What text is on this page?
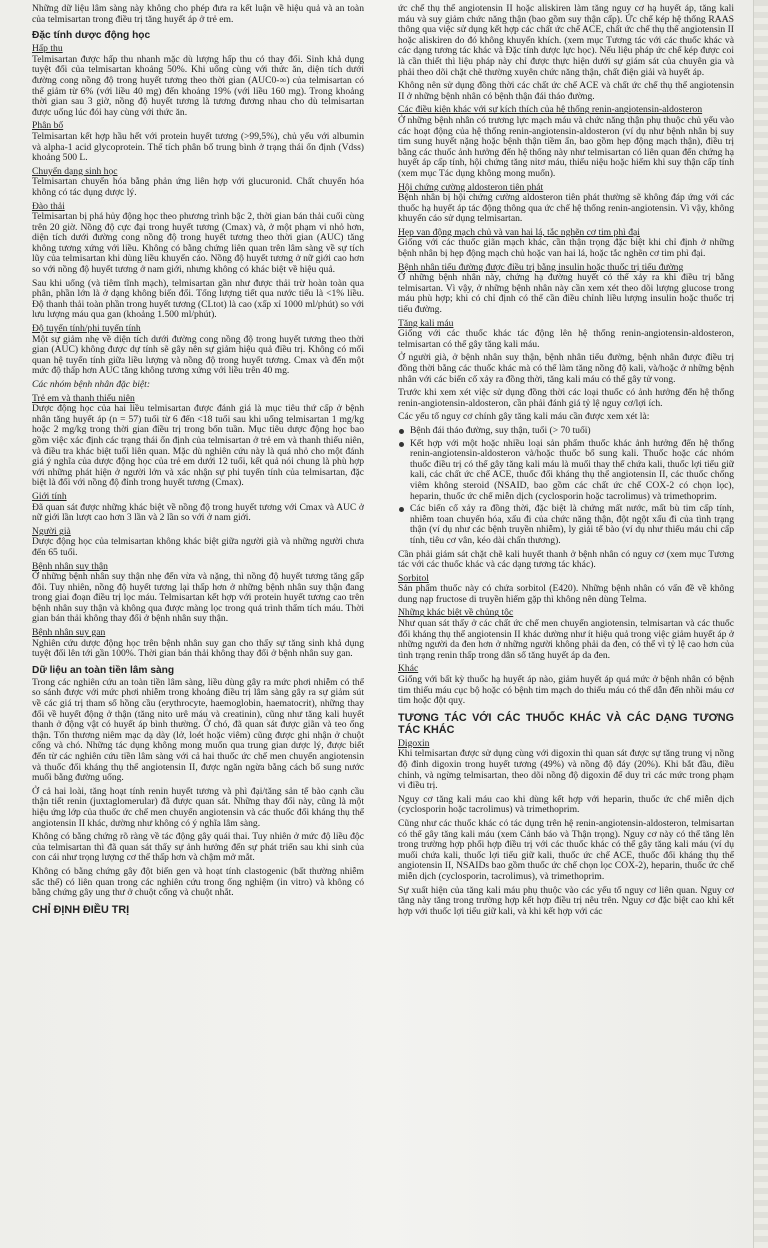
Những dữ liệu lâm sàng này không cho phép đưa ra kết luận về hiệu quả và an toàn của telmisartan trong điều trị tăng huyết áp ở trẻ em.

Đặc tính dược động học
Hấp thu

Telmisartan được hấp thu nhanh mặc dù lượng hấp thu có thay đổi. Sinh khả dụng tuyệt đối của telmisartan khoảng 50%. Khi uống cùng với thức ăn, diện tích dưới đường cong nồng độ trong huyết tương theo thời gian (AUC0-∞) của telmisartan có thể giảm từ 6% (với liều 40 mg) đến khoảng 19% (với liều 160 mg). Trong khoảng thời gian sau 3 giờ, nồng độ huyết tương là tương đương nhau cho dù telmisartan được uống lúc đói hay cùng với thức ăn.

Phân bố

Telmisartan kết hợp hầu hết với protein huyết tương (>99,5%), chủ yếu với albumin và alpha-1 acid glycoprotein. Thể tích phân bố trung bình ở trạng thái ổn định (Vdss) khoảng 500 L.

Chuyển dạng sinh học

Telmisartan chuyển hóa bằng phản ứng liên hợp với glucuronid. Chất chuyển hóa không có tác dụng dược lý.

Đào thải

Telmisartan bị phá hủy động học theo phương trình bậc 2, thời gian bán thải cuối cùng trên 20 giờ. Nồng độ cực đại trong huyết tương (Cmax) và, ở một phạm vi nhỏ hơn, diện tích dưới đường cong nồng độ trong huyết tương theo thời gian (AUC) tăng không tương xứng với liều. Không có bằng chứng liên quan trên lâm sàng về sự tích lũy của telmisartan khi dùng liều khuyến cáo. Nồng độ huyết tương ở nữ giới cao hơn so với nồng độ huyết tương ở nam giới, nhưng không có khác biệt về hiệu quả.

Sau khi uống (và tiêm tĩnh mạch), telmisartan gần như được thải trừ hoàn toàn qua phân, phần lớn là ở dạng không biến đổi. Tổng lượng tiết qua nước tiểu là <1% liều. Độ thanh thải toàn phần trong huyết tương (CLtot) là cao (xấp xỉ 1000 ml/phút) so với lưu lượng máu qua gan (khoảng 1.500 ml/phút).

Độ tuyến tính/phi tuyến tính

Một sự giảm nhẹ về diện tích dưới đường cong nồng độ trong huyết tương theo thời gian (AUC) không được dự tính sẽ gây nên sự giảm hiệu quả điều trị. Không có mối quan hệ tuyến tính giữa liều lượng và nồng độ trong huyết tương. Cmax và đến một mức độ thấp hơn AUC tăng không tương xứng với liều trên 40 mg.

Các nhóm bệnh nhân đặc biệt:

Trẻ em và thanh thiếu niên

Dược động học của hai liều telmisartan được đánh giá là mục tiêu thứ cấp ở bệnh nhân tăng huyết áp (n = 57) tuổi từ 6 đến <18 tuổi sau khi uống telmisartan 1 mg/kg hoặc 2 mg/kg trong thời gian điều trị trong bốn tuần. Mục tiêu dược động học bao gồm việc xác định các trạng thái ổn định của telmisartan ở trẻ em và thanh thiếu niên, và điều tra khác biệt tuổi liên quan. Mặc dù nghiên cứu này là quá nhỏ cho một đánh giá ý nghĩa của dược động học của trẻ em dưới 12 tuổi, kết quả nói chung là phù hợp với những phát hiện ở người lớn và xác nhận sự phi tuyến tính của telmisartan, đặc biệt là đối với nồng độ đỉnh trong huyết tương (Cmax).

Giới tính

Đã quan sát được những khác biệt về nồng độ trong huyết tương với Cmax và AUC ở nữ giới lần lượt cao hơn 3 lần và 2 lần so với ở nam giới.

Người già

Dược động học của telmisartan không khác biệt giữa người già và những người chưa đến 65 tuổi.

Bệnh nhân suy thận

Ở những bệnh nhân suy thận nhẹ đến vừa và nặng, thì nồng độ huyết tương tăng gấp đôi. Tuy nhiên, nồng độ huyết tương lại thấp hơn ở những bệnh nhân suy thận đang trong giai đoạn điều trị lọc máu. Telmisartan kết hợp với protein huyết tương cao trên bệnh nhân suy thận và không qua được màng lọc trong quá trình thẩm tích máu. Thời gian bán thải không thay đổi ở bệnh nhân suy thận.

Bệnh nhân suy gan

Nghiên cứu dược động học trên bệnh nhân suy gan cho thấy sự tăng sinh khả dụng tuyệt đối lên tới gần 100%. Thời gian bán thải không thay đổi ở bệnh nhân suy gan.

Dữ liệu an toàn tiền lâm sàng

Trong các nghiên cứu an toàn tiền lâm sàng, liều dùng gây ra mức phơi nhiễm có thể so sánh được với mức phơi nhiễm trong khoảng điều trị lâm sàng gây ra sự giảm sút về các giá trị tham số hồng cầu (erythrocyte, haemoglobin, haematocrit), những thay đổi về huyết động ở thận (tăng nito urê máu và creatinin), cũng như tăng kali huyết thanh ở động vật có huyết áp bình thường. Ở chó, đã quan sát được giãn và teo ống thận. Tổn thương niêm mạc dạ dày (lở, loét hoặc viêm) cũng được ghi nhận ở chuột cống và chó. Những tác dụng không mong muốn qua trung gian dược lý, được biết đến từ các nghiên cứu tiền lâm sàng với cả hai thuốc ức chế men chuyển angiotensin và thuốc đối kháng thụ thể angiotensin II, được ngăn ngừa bằng cách bổ sung nước muối bằng đường uống.

Ở cả hai loài, tăng hoạt tính renin huyết tương và phì đại/tăng sản tế bào cạnh cầu thận tiết renin (juxtaglomerular) đã được quan sát. Những thay đổi này, cũng là một hiệu ứng lớp của thuốc ức chế men chuyển angiotensin và các thuốc đối kháng thụ thể angiotensin II khác, dường như không có ý nghĩa lâm sàng.

Không có bằng chứng rõ ràng về tác động gây quái thai. Tuy nhiên ở mức độ liều độc của telmisartan thì đã quan sát thấy sự ảnh hưởng đến sự phát triển sau khi sinh của con cái như trọng lượng cơ thể thấp hơn và chậm mở mắt.

Không có bằng chứng gây đột biến gen và hoạt tính clastogenic (bất thường nhiễm sắc thể) có liên quan trong các nghiên cứu trong ống nghiệm (in vitro) và không có bằng chứng gây ung thư ở chuột cống và chuột nhắt.

CHỈ ĐỊNH ĐIỀU TRỊ

ức chế thụ thể angiotensin II hoặc aliskiren làm tăng nguy cơ hạ huyết áp, tăng kali máu và suy giảm chức năng thận (bao gồm suy thận cấp). Ức chế kép hệ thống RAAS thông qua việc sử dụng kết hợp các chất ức chế ACE, chất ức chế thụ thể angiotensin II hoặc aliskiren do đó không khuyến khích. (xem mục Tương tác với các thuốc khác và các dạng tương tác khác và Đặc tính dược lực học). Nếu liệu pháp ức chế kép được coi là cần thiết thì liệu pháp này chỉ được thực hiện dưới sự giám sát của chuyên gia và phải theo dõi chặt chẽ thường xuyên chức năng thận, chất điện giải và huyết áp.

Không nên sử dụng đồng thời các chất ức chế ACE và chất ức chế thụ thể angiotensin II ở những bệnh nhân có bệnh thận đái tháo đường.

Các điều kiện khác với sự kích thích của hệ thống renin-angiotensin-aldosteron

Ở những bệnh nhân có trương lực mạch máu và chức năng thận phụ thuộc chủ yếu vào các hoạt động của hệ thống renin-angiotensin-aldosteron (ví dụ như bệnh nhân bị suy tim sung huyết nặng hoặc bệnh thận tiềm ẩn, bao gồm hẹp động mạch thận), điều trị bằng các thuốc ảnh hưởng đến hệ thống này như telmisartan có liên quan đến chứng hạ huyết áp cấp tính, hội chứng tăng nitơ máu, thiểu niệu hoặc hiếm khi suy thận cấp tính (xem mục Tác dụng không mong muốn).

Hội chứng cường aldosteron tiên phát

Bệnh nhân bị hội chứng cường aldosteron tiên phát thường sẽ không đáp ứng với các thuốc hạ huyết áp tác động thông qua ức chế hệ thống renin-angiotensin. Vì vậy, không khuyến cáo sử dụng telmisartan.

Hẹp van động mạch chủ và van hai lá, tắc nghẽn cơ tim phì đại

Giống với các thuốc giãn mạch khác, cần thận trọng đặc biệt khi chỉ định ở những bệnh nhân bị hẹp động mạch chủ hoặc van hai lá, hoặc tắc nghẽn cơ tim phì đại.

Bệnh nhân tiểu đường được điều trị bằng insulin hoặc thuốc trị tiểu đường

Ở những bệnh nhân này, chứng hạ đường huyết có thể xảy ra khi điều trị bằng telmisartan. Vì vậy, ở những bệnh nhân này cần xem xét theo dõi lượng glucose trong máu phù hợp; khi có chỉ định có thể cần điều chỉnh liều lượng insulin hoặc thuốc trị tiểu đường.

Tăng kali máu

Giống với các thuốc khác tác động lên hệ thống renin-angiotensin-aldosteron, telmisartan có thể gây tăng kali máu.

Ở người già, ở bệnh nhân suy thận, bệnh nhân tiểu đường, bệnh nhân được điều trị đồng thời bằng các thuốc khác mà có thể làm tăng nồng độ kali, và/hoặc ở những bệnh nhân với các biến cố xảy ra đồng thời, tăng kali máu có thể gây tử vong.

Trước khi xem xét việc sử dụng đồng thời các loại thuốc có ảnh hưởng đến hệ thống renin-angiotensin-aldosteron, cần phải đánh giá tỷ lệ nguy cơ/lợi ích.

Các yếu tố nguy cơ chính gây tăng kali máu cần được xem xét là:

Bệnh đái tháo đường, suy thận, tuổi (> 70 tuổi)
Kết hợp với một hoặc nhiều loại sản phẩm thuốc khác ảnh hưởng đến hệ thống renin-angiotensin-aldosteron và/hoặc thuốc bổ sung kali. Thuốc hoặc các nhóm thuốc điều trị có thể gây tăng kali máu là muối thay thế chứa kali, thuốc lợi tiểu giữ kali, các chất ức chế ACE, thuốc đối kháng thụ thể angiotensin II, các thuốc chống viêm không steroid (NSAID, bao gồm các chất ức chế COX-2 có chọn lọc), heparin, thuốc ức chế miễn dịch (cyclosporin hoặc tacrolimus) và trimethoprim.
Các biến cố xảy ra đồng thời, đặc biệt là chứng mất nước, mất bù tim cấp tính, nhiễm toan chuyển hóa, xấu đi của chức năng thận, đột ngột xấu đi của tình trạng thận (ví dụ như các bệnh truyền nhiễm), ly giải tế bào (ví dụ như thiếu máu chi cấp tính, tiêu cơ vân, kéo dài chấn thương).

Cần phải giám sát chặt chẽ kali huyết thanh ở bệnh nhân có nguy cơ (xem mục Tương tác với các thuốc khác và các dạng tương tác khác).

Sorbitol

Sản phẩm thuốc này có chứa sorbitol (E420). Những bệnh nhân có vấn đề về không dung nạp fructose di truyền hiếm gặp thì không nên dùng Telma.

Những khác biệt về chủng tộc

Như quan sát thấy ở các chất ức chế men chuyển angiotensin, telmisartan và các thuốc đối kháng thụ thể angiotensin II khác dường như ít hiệu quả trong việc giảm huyết áp ở những người da đen hơn ở những người không phải da đen, có thể vì tỷ lệ cao hơn của tình trạng renin thấp trong dân số tăng huyết áp da đen.

Khác

Giống với bất kỳ thuốc hạ huyết áp nào, giảm huyết áp quá mức ở bệnh nhân có bệnh tim thiếu máu cục bộ hoặc có bệnh tim mạch do thiếu máu có thể dẫn đến nhồi máu cơ tim hoặc đột quỵ.

TƯƠNG TÁC VỚI CÁC THUỐC KHÁC VÀ CÁC DẠNG TƯƠNG TÁC KHÁC
Digoxin

Khi telmisartan được sử dụng cùng với digoxin thì quan sát được sự tăng trung vị nồng độ đỉnh digoxin trong huyết tương (49%) và nồng độ đáy (20%). Khi bắt đầu, điều chỉnh, và ngừng telmisartan, theo dõi nồng độ digoxin để duy trì các mức trong phạm vi điều trị.

Nguy cơ tăng kali máu cao khi dùng kết hợp với heparin, thuốc ức chế miễn dịch (cyclosporin hoặc tacrolimus) và trimethoprim.

Cũng như các thuốc khác có tác dụng trên hệ renin-angiotensin-aldosteron, telmisartan có thể gây tăng kali máu (xem Cảnh báo và Thận trọng). Nguy cơ này có thể tăng lên trong trường hợp phối hợp điều trị với các thuốc khác có thể gây tăng kali máu (ví dụ muối chứa kali, thuốc lợi tiểu giữ kali, thuốc ức chế ACE, thuốc đối kháng thụ thể angiotensin II, NSAIDs bao gồm thuốc ức chế chọn lọc COX-2), heparin, thuốc ức chế miễn dịch (cyclosporin, tacrolimus), và trimethoprim.

Sự xuất hiện của tăng kali máu phụ thuộc vào các yếu tố nguy cơ liên quan. Nguy cơ tăng này tăng trong trường hợp kết hợp điều trị nêu trên. Nguy cơ đặc biệt cao khi kết hợp với thuốc lợi tiểu giữ kali, và khi kết hợp với các
